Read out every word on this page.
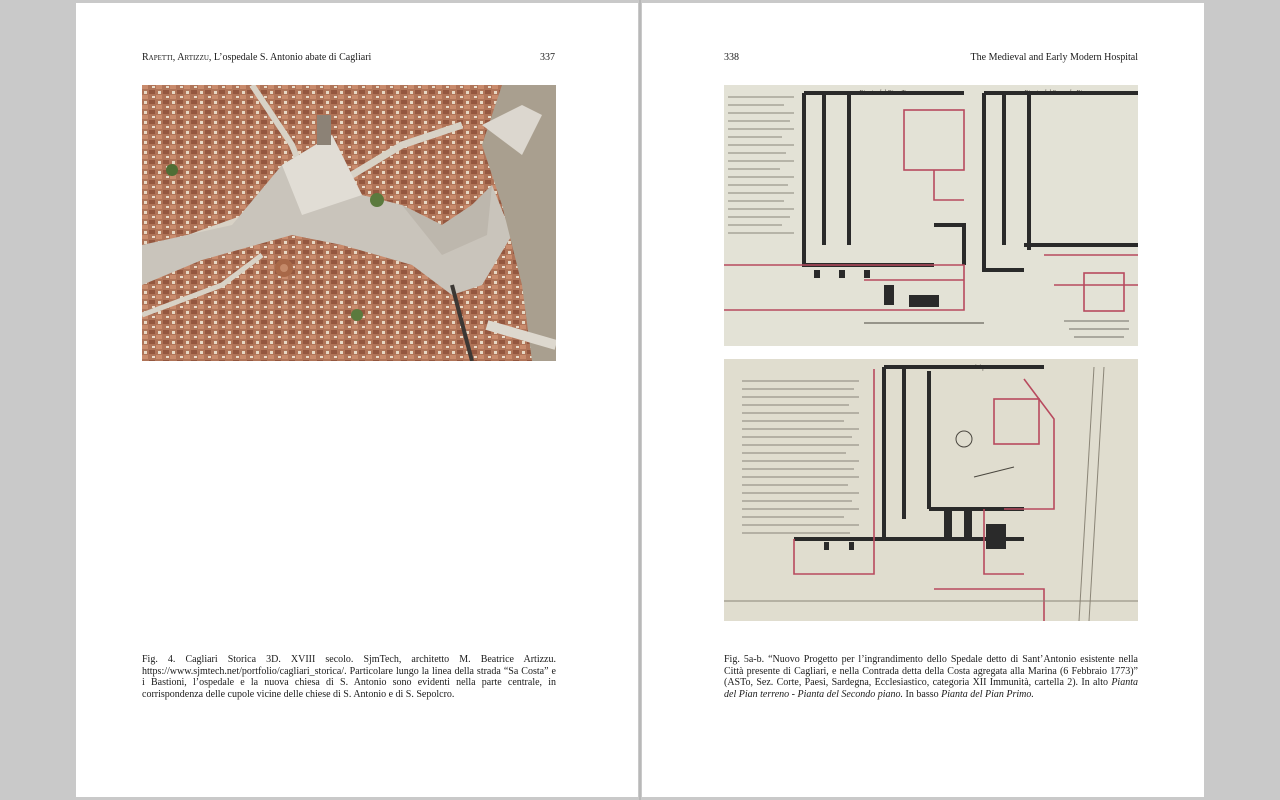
Rapetti, Artizzu, L’ospedale S. Antonio abate di Cagliari	337
Fig. 4. Cagliari Storica 3D. XVIII secolo. SjmTech, architetto M. Beatrice Artizzu. https://www.sjmtech.net/portfolio/cagliari_storica/. Particolare lungo la linea della strada “Sa Costa” e i Bastioni, l’ospedale e la nuova chiesa di S. Antonio sono evidenti nella parte centrale, in corrispondenza delle cupole vicine delle chiese di S. Antonio e di S. Sepolcro.
338	The Medieval and Early Modern Hospital
Pianta del Pian Terreno	Pianta del Secondo Piano
Pianta del primo Piano
Fig. 5a-b. “Nuovo Progetto per l’ingrandimento dello Spedale detto di Sant’Antonio esistente nella Città presente di Cagliari, e nella Contrada detta della Costa agregata alla Marina (6 Febbraio 1773)” (ASTo, Sez. Corte, Paesi, Sardegna, Ecclesiastico, categoria XII Immunità, cartella 2). In alto Pianta del Pian terreno - Pianta del Secondo piano. In basso Pianta del Pian Primo.
